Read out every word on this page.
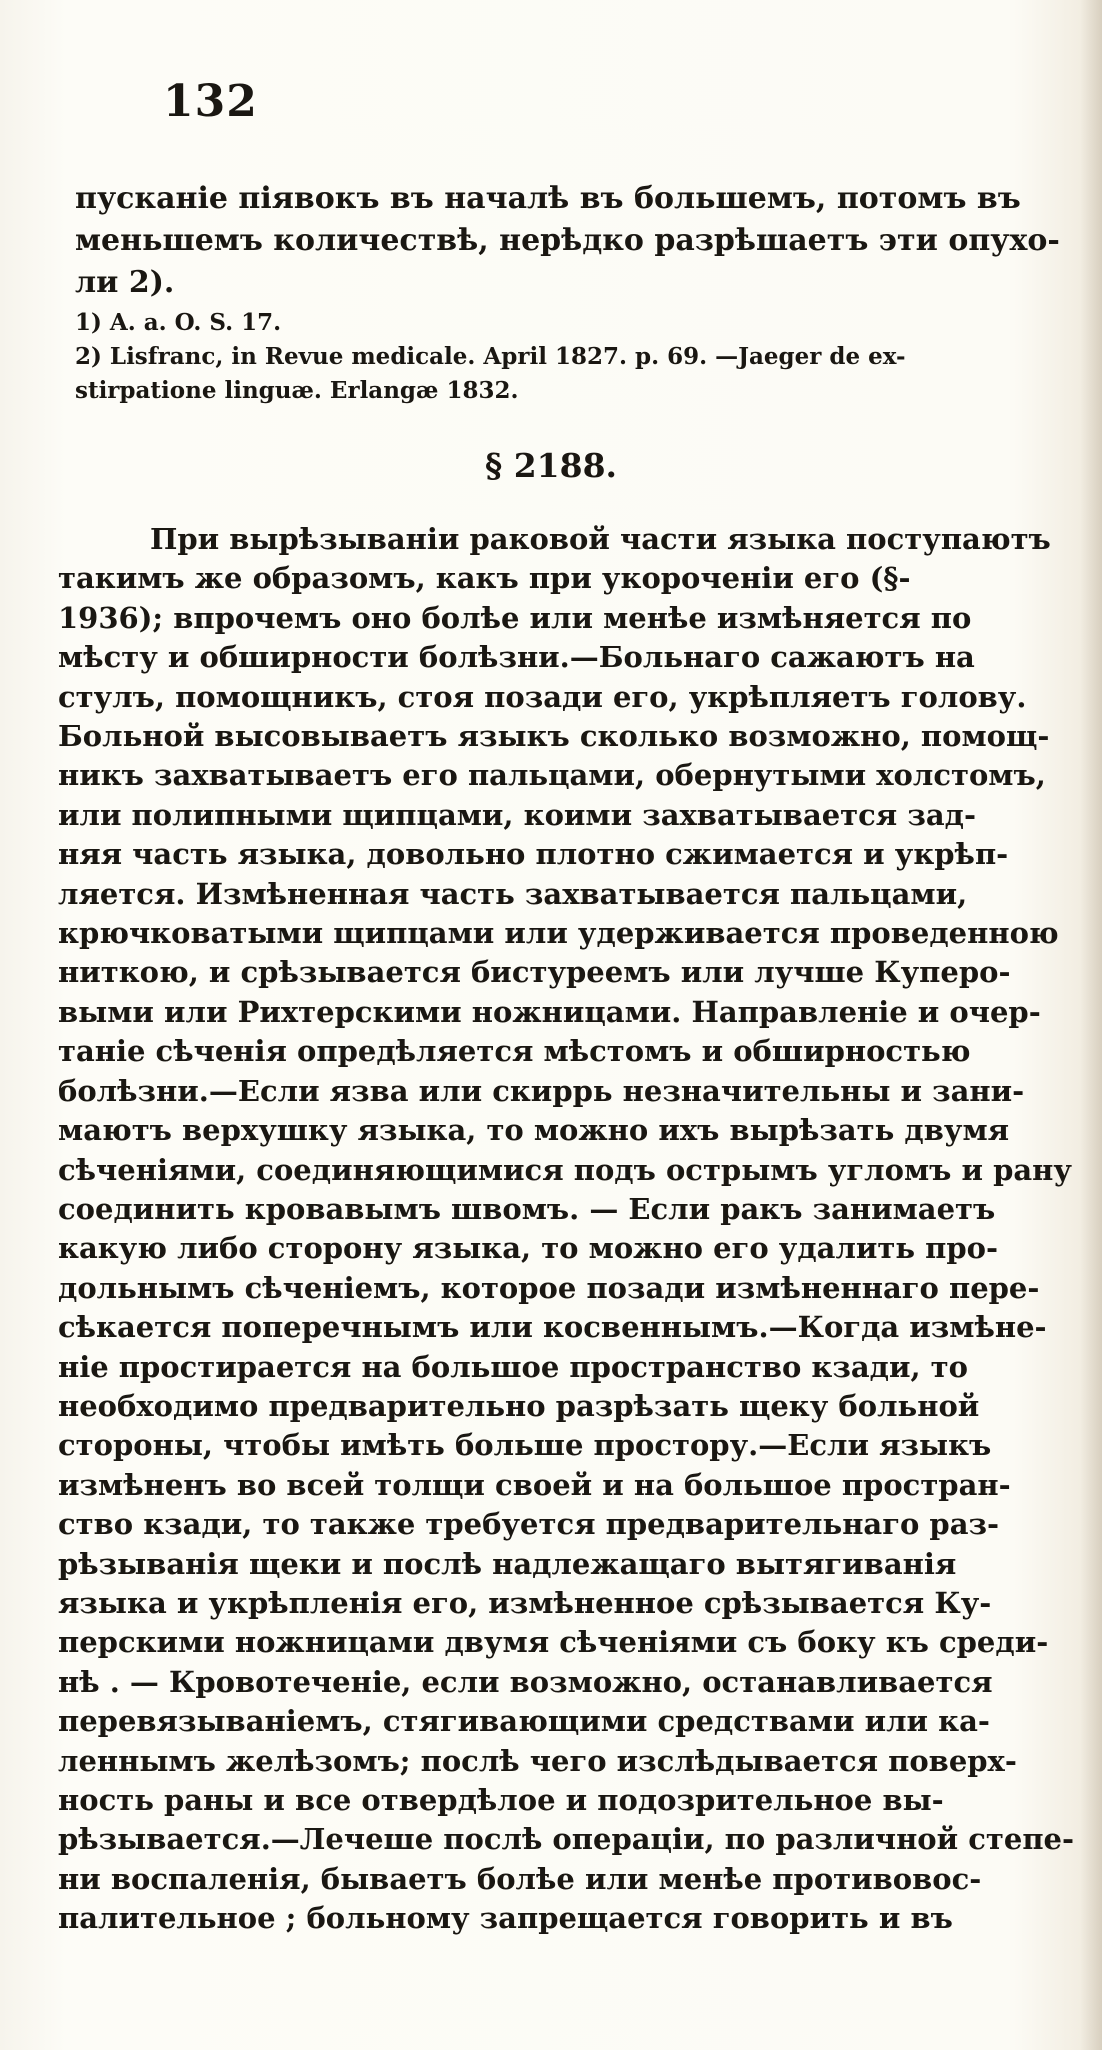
132
пусканіе піявокъ въ началѣ въ большемъ, потомъ въ
меньшемъ количествѣ, нерѣдко разрѣшаетъ эти опухо-
ли 2).
1) A. a. O. S. 17.
2) Lisfranc, in Revue medicale. April 1827. p. 69. —Jaeger de ex-
stirpatione linguæ. Erlangæ 1832.
§ 2188.
При вырѣзываніи раковой части языка поступаютъ
такимъ же образомъ, какъ при укороченіи его (§-
1936); впрочемъ оно болѣе или менѣе измѣняется по
мѣсту и обширности болѣзни.—Больнаго сажаютъ на
стулъ, помощникъ, стоя позади его, укрѣпляетъ голову.
Больной высовываетъ языкъ сколько возможно, помощ-
никъ захватываетъ его пальцами, обернутыми холстомъ,
или полипными щипцами, коими захватывается зад-
няя часть языка, довольно плотно сжимается и укрѣп-
ляется. Измѣненная часть захватывается пальцами,
крючковатыми щипцами или удерживается проведенною
ниткою, и срѣзывается бистуреемъ или лучше Куперо-
выми или Рихтерскими ножницами. Направленіе и очер-
таніе сѣченія опредѣляется мѣстомъ и обширностью
болѣзни.—Если язва или скиррь незначительны и зани-
маютъ верхушку языка, то можно ихъ вырѣзать двумя
сѣченіями, соединяющимися подъ острымъ угломъ и рану
соединить кровавымъ швомъ. — Если ракъ занимаетъ
какую либо сторону языка, то можно его удалить про-
дольнымъ сѣченіемъ, которое позади измѣненнаго пере-
сѣкается поперечнымъ или косвеннымъ.—Когда измѣне-
ніе простирается на большое пространство кзади, то
необходимо предварительно разрѣзать щеку больной
стороны, чтобы имѣть больше простору.—Если языкъ
измѣненъ во всей толщи своей и на большое простран-
ство кзади, то также требуется предварительнаго раз-
рѣзыванія щеки и послѣ надлежащаго вытягиванія
языка и укрѣпленія его, измѣненное срѣзывается Ку-
перскими ножницами двумя сѣченіями съ боку къ среди-
нѣ . — Кровотеченіе, если возможно, останавливается
перевязываніемъ, стягивающими средствами или ка-
леннымъ желѣзомъ; послѣ чего изслѣдывается поверх-
ность раны и все отвердѣлое и подозрительное вы-
рѣзывается.—Лечеше послѣ операціи, по различной степе-
ни воспаленія, бываетъ болѣе или менѣе противовос-
палительное ; больному запрещается говорить и въ
